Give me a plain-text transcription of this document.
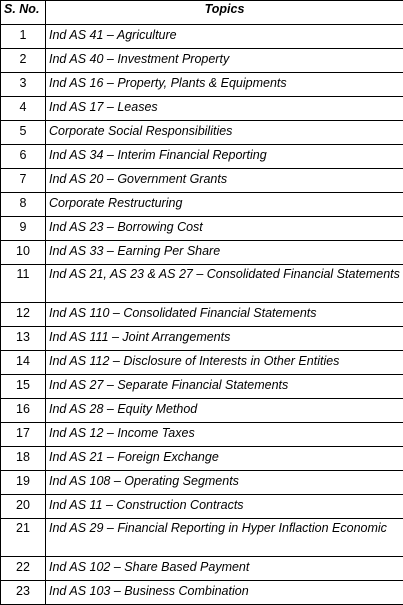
S. No.	Topics
1	Ind AS 41 – Agriculture
2	Ind AS 40 – Investment Property
3	Ind AS 16 – Property, Plants & Equipments
4	Ind AS 17 – Leases
5	Corporate Social Responsibilities
6	Ind AS 34 – Interim Financial Reporting
7	Ind AS 20 – Government Grants
8	Corporate Restructuring
9	Ind AS 23 – Borrowing Cost
10	Ind AS 33 – Earning Per Share
11	Ind AS 21, AS 23 & AS 27 – Consolidated Financial Statements
12	Ind AS 110 – Consolidated Financial Statements
13	Ind AS 111 – Joint Arrangements
14	Ind AS 112 – Disclosure of Interests in Other Entities
15	Ind AS 27 – Separate Financial Statements
16	Ind AS 28 – Equity Method
17	Ind AS 12 – Income Taxes
18	Ind AS 21 – Foreign Exchange
19	Ind AS 108 – Operating Segments
20	Ind AS 11 – Construction Contracts
21	Ind AS 29 – Financial Reporting in Hyper Inflaction Economic
22	Ind AS 102 – Share Based Payment
23	Ind AS 103 – Business Combination
